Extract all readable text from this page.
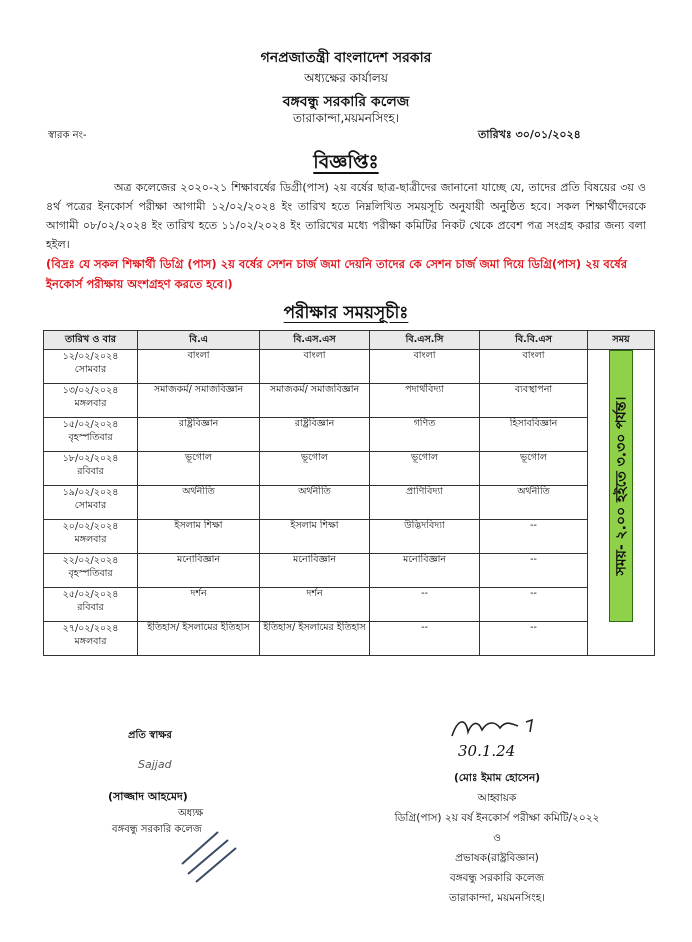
গনপ্রজাতন্ত্রী বাংলাদেশ সরকার
অধ্যক্ষের কার্যালয়
বঙ্গবন্ধু সরকারি কলেজ
তারাকান্দা,ময়মনসিংহ।
স্বারক নং-	তারিখঃ ৩০/০১/২০২৪
বিজ্ঞপ্তিঃ

অত্র কলেজের ২০২০-২১ শিক্ষাবর্ষের ডিগ্রী(পাস) ২য় বর্ষের ছাত্র-ছাত্রীদের জানানো যাচ্ছে যে, তাদের প্রতি বিষয়ের ৩য় ও ৪র্থ পত্রের ইনকোর্স পরীক্ষা আগামী ১২/০২/২০২৪ ইং তারিখ হতে নিম্নলিখিত সময়সূচি অনুযায়ী অনুষ্ঠিত হবে। সকল শিক্ষার্থীদেরকে আগামী ০৮/০২/২০২৪ ইং তারিখ হতে ১১/০২/২০২৪ ইং তারিখের মধ্যে পরীক্ষা কমিটির নিকট থেকে প্রবেশ পত্র সংগ্রহ করার জন্য বলা হইল।

(বিদ্রঃ যে সকল শিক্ষার্থী ডিগ্রি (পাস) ২য় বর্ষের সেশন চার্জ জমা দেয়নি তাদের কে সেশন চার্জ জমা দিয়ে ডিগ্রি(পাস) ২য় বর্ষের ইনকোর্স পরীক্ষায় অংশগ্রহণ করতে হবে।)
পরীক্ষার সময়সূচীঃ
তারিখ ও বার	বি.এ	বি.এস.এস	বি.এস.সি	বি.বি.এস	সময়

১২/০২/২০২৪
সোমবার	বাংলা	বাংলা	বাংলা	বাংলা	সময়- ২.০০ হইতে ৩.৩০ পর্যন্ত।

১৩/০২/২০২৪
মঙ্গলবার	সমাজকর্ম/ সমাজবিজ্ঞান	সমাজকর্ম/ সমাজবিজ্ঞান	পদার্থবিদ্যা	ব্যবস্থাপনা	

১৫/০২/২০২৪
বৃহস্পতিবার	রাষ্ট্রবিজ্ঞান	রাষ্ট্রবিজ্ঞান	গণিত	হিসাববিজ্ঞান	

১৮/০২/২০২৪
রবিবার	ভূগোল	ভূগোল	ভূগোল	ভূগোল	

১৯/০২/২০২৪
সোমবার	অর্থনীতি	অর্থনীতি	প্রাণিবিদ্যা	অর্থনীতি	

২০/০২/২০২৪
মঙ্গলবার	ইসলাম শিক্ষা	ইসলাম শিক্ষা	উদ্ভিদবিদ্যা	--	

২২/০২/২০২৪
বৃহস্পতিবার	মনোবিজ্ঞান	মনোবিজ্ঞান	মনোবিজ্ঞান	--	

২৫/০২/২০২৪
রবিবার	দর্শন	দর্শন	--	--	

২৭/০২/২০২৪
মঙ্গলবার	ইতিহাস/ ইসলামের ইতিহাস	ইতিহাস/ ইসলামের ইতিহাস	--	--	
প্রতি স্বাক্ষর
Sajjad
(সাজ্জাদ আহমেদ)
অধ্যক্ষ
বঙ্গবন্ধু সরকারি কলেজ
30.1.24
(মোঃ ইমাম হোসেন)
আহ্বায়ক
ডিগ্রি(পাস) ২য় বর্ষ ইনকোর্স পরীক্ষা কমিটি/২০২২
ও
প্রভাষক(রাষ্ট্রবিজ্ঞান)
বঙ্গবন্ধু সরকারি কলেজ
তারাকান্দা, ময়মনসিংহ।
